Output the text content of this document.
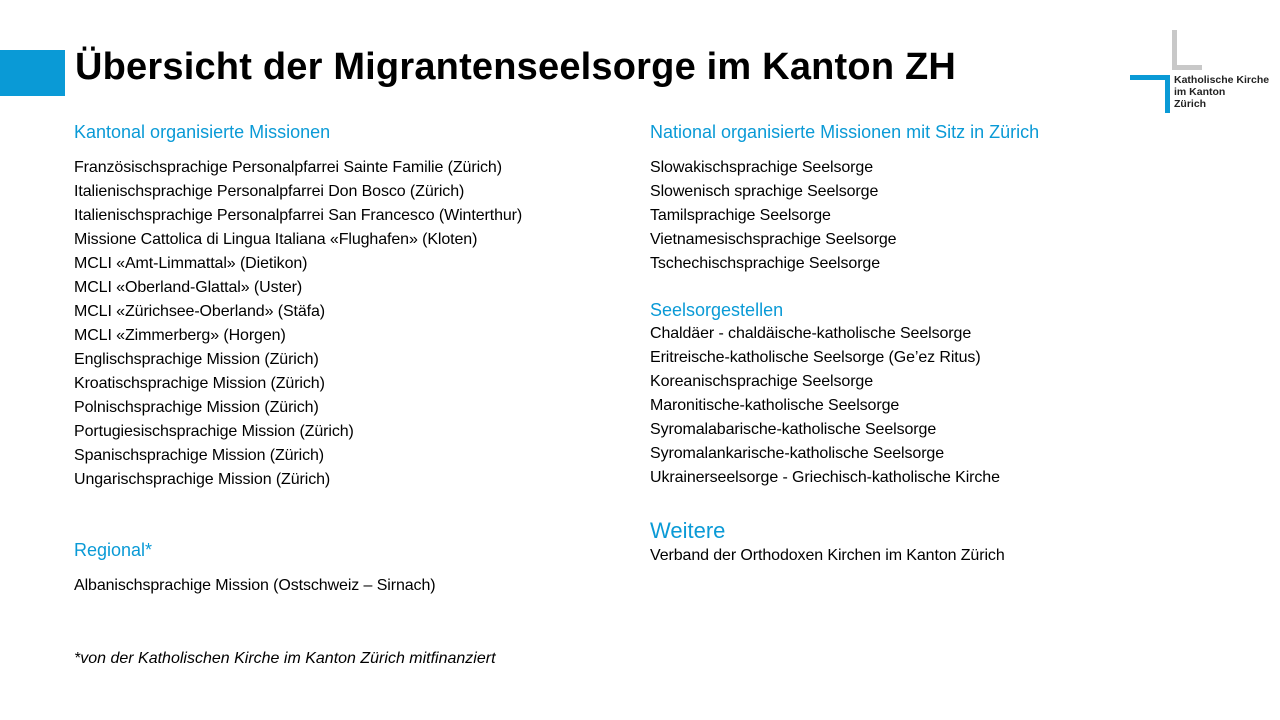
Übersicht der Migrantenseelsorge im Kanton ZH	Katholische Kirche
im Kanton
Zürich
Kantonal organisierte Missionen
Französischsprachige Personalpfarrei Sainte Familie (Zürich)
Italienischsprachige Personalpfarrei Don Bosco (Zürich)
Italienischsprachige Personalpfarrei San Francesco (Winterthur)
Missione Cattolica di Lingua Italiana «Flughafen» (Kloten)
MCLI «Amt-Limmattal» (Dietikon)
MCLI «Oberland-Glattal» (Uster)
MCLI «Zürichsee-Oberland» (Stäfa)
MCLI «Zimmerberg» (Horgen)
Englischsprachige Mission (Zürich)
Kroatischsprachige Mission (Zürich)
Polnischsprachige Mission (Zürich)
Portugiesischsprachige Mission (Zürich)
Spanischsprachige Mission (Zürich)
Ungarischsprachige Mission (Zürich)
Regional*
Albanischsprachige Mission (Ostschweiz – Sirnach)
National organisierte Missionen mit Sitz in Zürich
Slowakischsprachige Seelsorge
Slowenisch sprachige Seelsorge
Tamilsprachige Seelsorge
Vietnamesischsprachige Seelsorge
Tschechischsprachige Seelsorge
Seelsorgestellen
Chaldäer - chaldäische-katholische Seelsorge
Eritreische-katholische Seelsorge (Ge’ez Ritus)
Koreanischsprachige Seelsorge
Maronitische-katholische Seelsorge
Syromalabarische-katholische Seelsorge
Syromalankarische-katholische Seelsorge
Ukrainerseelsorge - Griechisch-katholische Kirche
Weitere
Verband der Orthodoxen Kirchen im Kanton Zürich
*von der Katholischen Kirche im Kanton Zürich mitfinanziert
